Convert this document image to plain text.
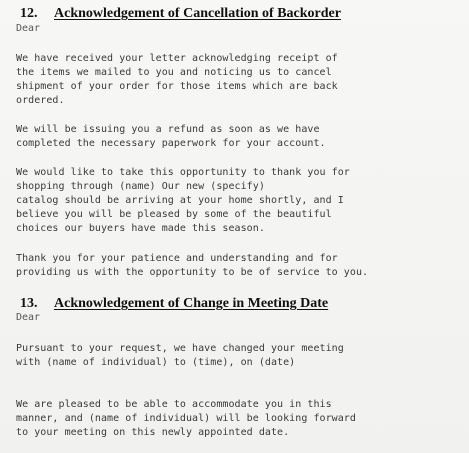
12. Acknowledgement of Cancellation of Backorder
Dear

We have received your letter acknowledging receipt of
the items we mailed to you and noticing us to cancel
shipment of your order for those items which are back
ordered.

We will be issuing you a refund as soon as we have
completed the necessary paperwork for your account.

We would like to take this opportunity to thank you for
shopping through (name) Our new (specify)
catalog should be arriving at your home shortly, and I
believe you will be pleased by some of the beautiful
choices our buyers have made this season.

Thank you for your patience and understanding and for
providing us with the opportunity to be of service to you.

13. Acknowledgement of Change in Meeting Date
Dear

Pursuant to your request, we have changed your meeting
with (name of individual) to (time), on (date)

We are pleased to be able to accommodate you in this
manner, and (name of individual) will be looking forward
to your meeting on this newly appointed date.
